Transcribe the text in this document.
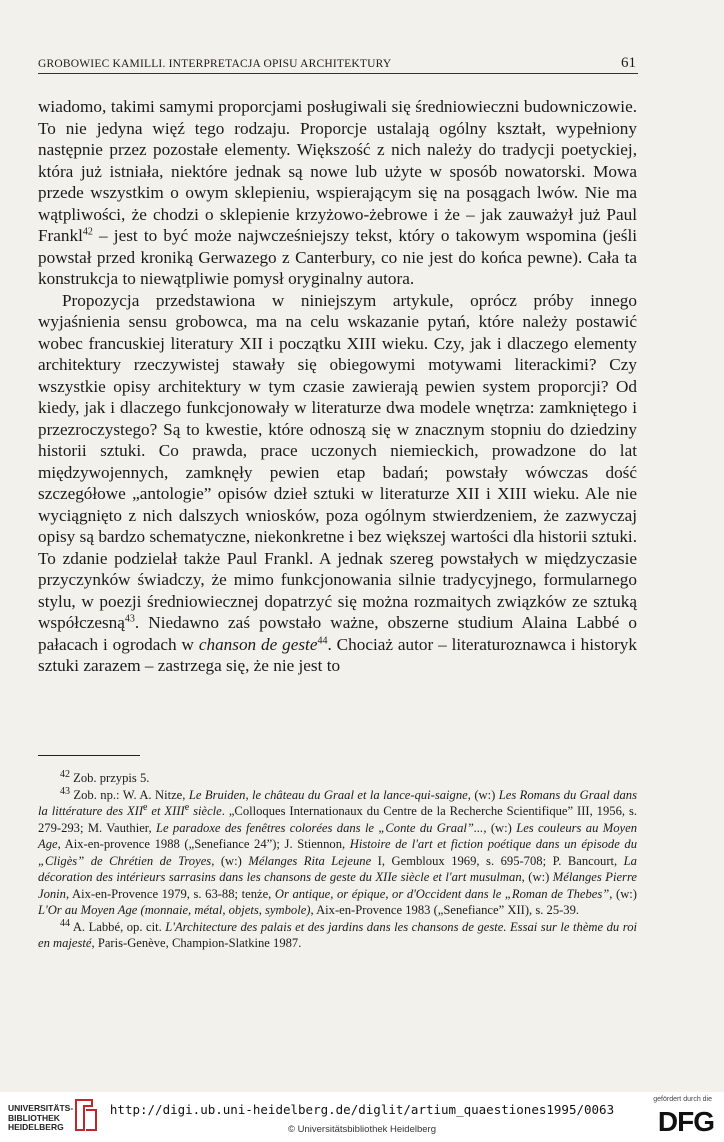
GROBOWIEC KAMILLI. INTERPRETACJA OPISU ARCHITEKTURY	61

wiadomo, takimi samymi proporcjami posługiwali się średniowieczni budowniczowie. To nie jedyna więź tego rodzaju. Proporcje ustalają ogólny kształt, wypełniony następnie przez pozostałe elementy. Większość z nich należy do tradycji poetyckiej, która już istniała, niektóre jednak są nowe lub użyte w sposób nowatorski. Mowa przede wszystkim o owym sklepieniu, wspierającym się na posągach lwów. Nie ma wątpliwości, że chodzi o sklepienie krzyżowo-żebrowe i że – jak zauważył już Paul Frankl$^{42}$ – jest to być może najwcześniejszy tekst, który o takowym wspomina (jeśli powstał przed kroniką Gerwazego z Canterbury, co nie jest do końca pewne). Cała ta konstrukcja to niewątpliwie pomysł oryginalny autora.

Propozycja przedstawiona w niniejszym artykule, oprócz próby innego wyjaśnienia sensu grobowca, ma na celu wskazanie pytań, które należy postawić wobec francuskiej literatury XII i początku XIII wieku. Czy, jak i dlaczego elementy architektury rzeczywistej stawały się obiegowymi motywami literackimi? Czy wszystkie opisy architektury w tym czasie zawierają pewien system proporcji? Od kiedy, jak i dlaczego funkcjonowały w literaturze dwa modele wnętrza: zamkniętego i przezroczystego? Są to kwestie, które odnoszą się w znacznym stopniu do dziedziny historii sztuki. Co prawda, prace uczonych niemieckich, prowadzone do lat międzywojennych, zamknęły pewien etap badań; powstały wówczas dość szczegółowe „antologie” opisów dzieł sztuki w literaturze XII i XIII wieku. Ale nie wyciągnięto z nich dalszych wniosków, poza ogólnym stwierdzeniem, że zazwyczaj opisy są bardzo schematyczne, niekonkretne i bez większej wartości dla historii sztuki. To zdanie podzielał także Paul Frankl. A jednak szereg powstałych w międzyczasie przyczynków świadczy, że mimo funkcjonowania silnie tradycyjnego, formularnego stylu, w poezji średniowiecznej dopatrzyć się można rozmaitych związków ze sztuką współczesną$^{43}$. Niedawno zaś powstało ważne, obszerne studium Alaina Labbé o pałacach i ogrodach w chanson de geste$^{44}$. Chociaż autor – literaturoznawca i historyk sztuki zarazem – zastrzega się, że nie jest to

$^{42}$ Zob. przypis 5.

$^{43}$ Zob. np.: W. A. Nitze, Le Bruiden, le château du Graal et la lance-qui-saigne, (w:) Les Romans du Graal dans la littérature des XIIe et XIIIe siècle. „Colloques Internationaux du Centre de la Recherche Scientifique” III, 1956, s. 279-293; M. Vauthier, Le paradoxe des fenêtres colorées dans le „Conte du Graal”..., (w:) Les couleurs au Moyen Age, Aix-en-provence 1988 („Senefiance 24”); J. Stiennon, Histoire de l'art et fiction poétique dans un épisode du „Cligès” de Chrétien de Troyes, (w:) Mélanges Rita Lejeune I, Gembloux 1969, s. 695-708; P. Bancourt, La décoration des intérieurs sarrasins dans les chansons de geste du XIIe siècle et l'art musulman, (w:) Mélanges Pierre Jonin, Aix-en-Provence 1979, s. 63-88; tenże, Or antique, or épique, or d'Occident dans le „Roman de Thebes”, (w:) L'Or au Moyen Age (monnaie, métal, objets, symbole), Aix-en-Provence 1983 („Senefiance” XII), s. 25-39.

$^{44}$ A. Labbé, op. cit. L'Architecture des palais et des jardins dans les chansons de geste. Essai sur le thème du roi en majesté, Paris-Genève, Champion-Slatkine 1987.

UNIVERSITÄTS-
BIBLIOTHEK
HEIDELBERG
http://digi.ub.uni-heidelberg.de/diglit/artium_quaestiones1995/0063
© Universitätsbibliothek Heidelberg
gefördert durch die
DFG
